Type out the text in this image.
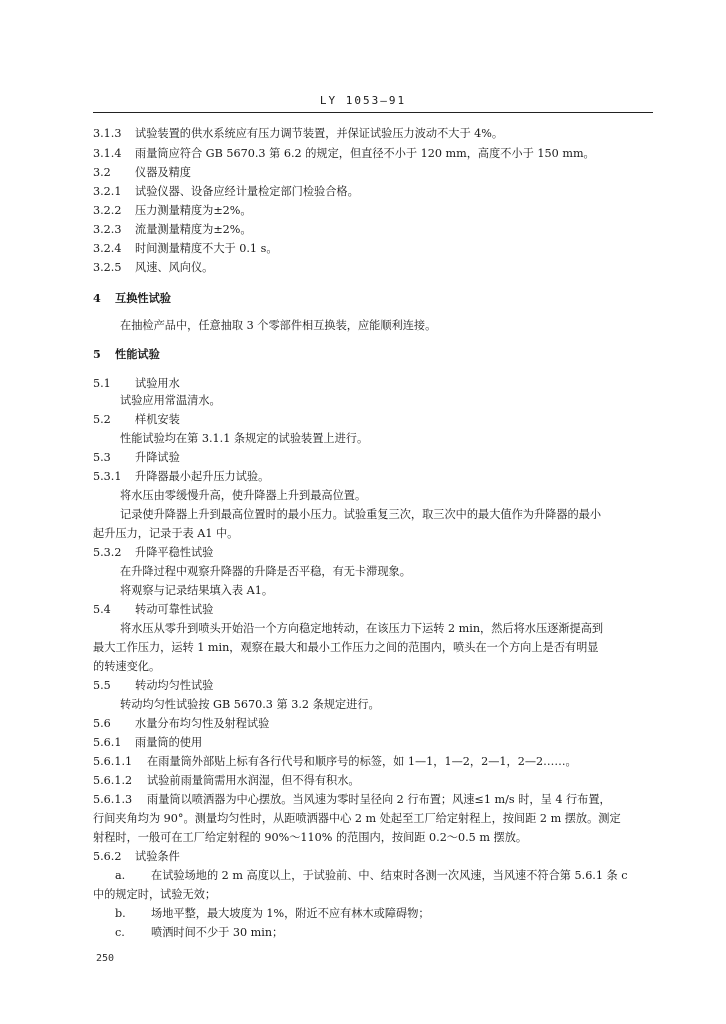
LY 1053—91
3.1.3 试验装置的供水系统应有压力调节装置，并保证试验压力波动不大于 4%。
3.1.4 雨量筒应符合 GB 5670.3 第 6.2 的规定，但直径不小于 120 mm，高度不小于 150 mm。
3.2 仪器及精度
3.2.1 试验仪器、设备应经计量检定部门检验合格。
3.2.2 压力测量精度为±2%。
3.2.3 流量测量精度为±2%。
3.2.4 时间测量精度不大于 0.1 s。
3.2.5 风速、风向仪。
4 互换性试验
在抽检产品中，任意抽取 3 个零部件相互换装，应能顺利连接。
5 性能试验
5.1 试验用水
试验应用常温清水。
5.2 样机安装
性能试验均在第 3.1.1 条规定的试验装置上进行。
5.3 升降试验
5.3.1 升降器最小起升压力试验。
将水压由零缓慢升高，使升降器上升到最高位置。
记录使升降器上升到最高位置时的最小压力。试验重复三次，取三次中的最大值作为升降器的最小
起升压力，记录于表 A1 中。
5.3.2 升降平稳性试验
在升降过程中观察升降器的升降是否平稳，有无卡滞现象。
将观察与记录结果填入表 A1。
5.4 转动可靠性试验
将水压从零升到喷头开始沿一个方向稳定地转动，在该压力下运转 2 min，然后将水压逐渐提高到
最大工作压力，运转 1 min，观察在最大和最小工作压力之间的范围内，喷头在一个方向上是否有明显
的转速变化。
5.5 转动均匀性试验
转动均匀性试验按 GB 5670.3 第 3.2 条规定进行。
5.6 水量分布均匀性及射程试验
5.6.1 雨量筒的使用
5.6.1.1 在雨量筒外部贴上标有各行代号和顺序号的标签，如 1—1，1—2，2—1，2—2……。
5.6.1.2 试验前雨量筒需用水润湿，但不得有积水。
5.6.1.3 雨量筒以喷洒器为中心摆放。当风速为零时呈径向 2 行布置；风速≤1 m/s 时，呈 4 行布置，
行间夹角均为 90°。测量均匀性时，从距喷洒器中心 2 m 处起至工厂给定射程上，按间距 2 m 摆放。测定
射程时，一般可在工厂给定射程的 90%～110% 的范围内，按间距 0.2～0.5 m 摆放。
5.6.2 试验条件
a. 在试验场地的 2 m 高度以上，于试验前、中、结束时各测一次风速，当风速不符合第 5.6.1 条 c
中的规定时，试验无效；
b. 场地平整，最大坡度为 1%，附近不应有林木或障碍物；
c. 喷洒时间不少于 30 min；
250
